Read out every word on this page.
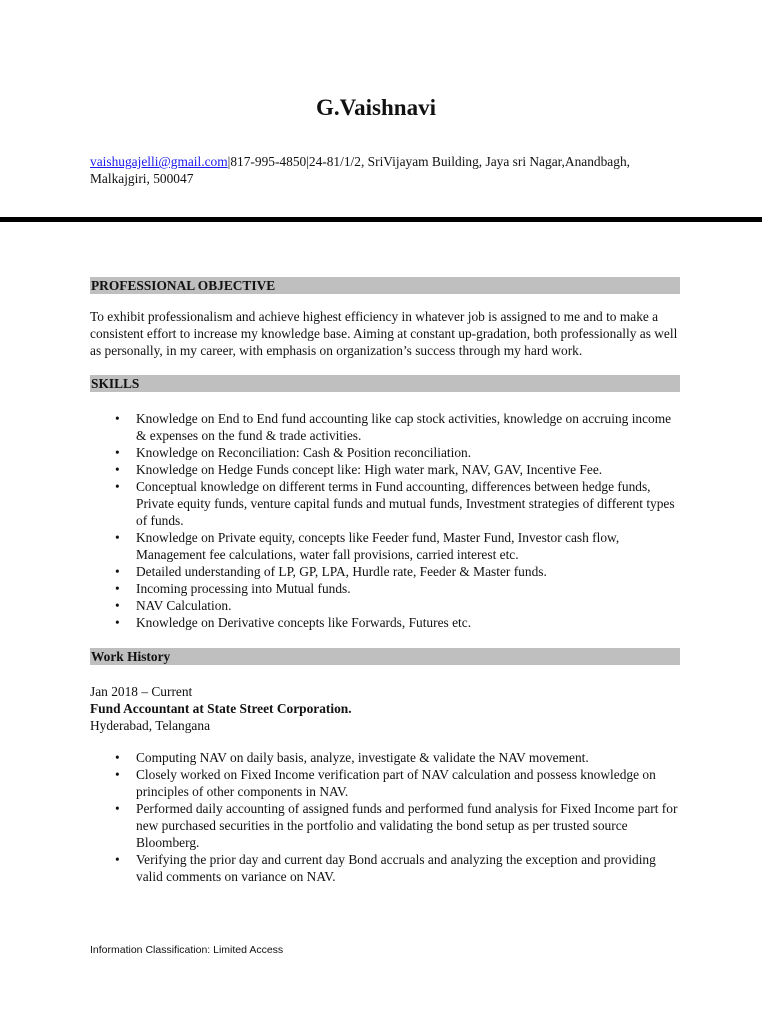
G.Vaishnavi
vaishugajelli@gmail.com|817-995-4850|24-81/1/2, SriVijayam Building, Jaya sri Nagar,Anandbagh, Malkajgiri, 500047
PROFESSIONAL OBJECTIVE
To exhibit professionalism and achieve highest efficiency in whatever job is assigned to me and to make a consistent effort to increase my knowledge base. Aiming at constant up-gradation, both professionally as well as personally, in my career, with emphasis on organization’s success through my hard work.
SKILLS
• Knowledge on End to End fund accounting like cap stock activities, knowledge on accruing income & expenses on the fund & trade activities.
• Knowledge on Reconciliation: Cash & Position reconciliation.
• Knowledge on Hedge Funds concept like: High water mark, NAV, GAV, Incentive Fee.
• Conceptual knowledge on different terms in Fund accounting, differences between hedge funds, Private equity funds, venture capital funds and mutual funds, Investment strategies of different types of funds.
• Knowledge on Private equity, concepts like Feeder fund, Master Fund, Investor cash flow, Management fee calculations, water fall provisions, carried interest etc.
• Detailed understanding of LP, GP, LPA, Hurdle rate, Feeder & Master funds.
• Incoming processing into Mutual funds.
• NAV Calculation.
• Knowledge on Derivative concepts like Forwards, Futures etc.
Work History
Jan 2018 – Current
Fund Accountant at State Street Corporation.
Hyderabad, Telangana
• Computing NAV on daily basis, analyze, investigate & validate the NAV movement.
• Closely worked on Fixed Income verification part of NAV calculation and possess knowledge on principles of other components in NAV.
• Performed daily accounting of assigned funds and performed fund analysis for Fixed Income part for new purchased securities in the portfolio and validating the bond setup as per trusted source Bloomberg.
• Verifying the prior day and current day Bond accruals and analyzing the exception and providing valid comments on variance on NAV.
Information Classification: Limited Access
